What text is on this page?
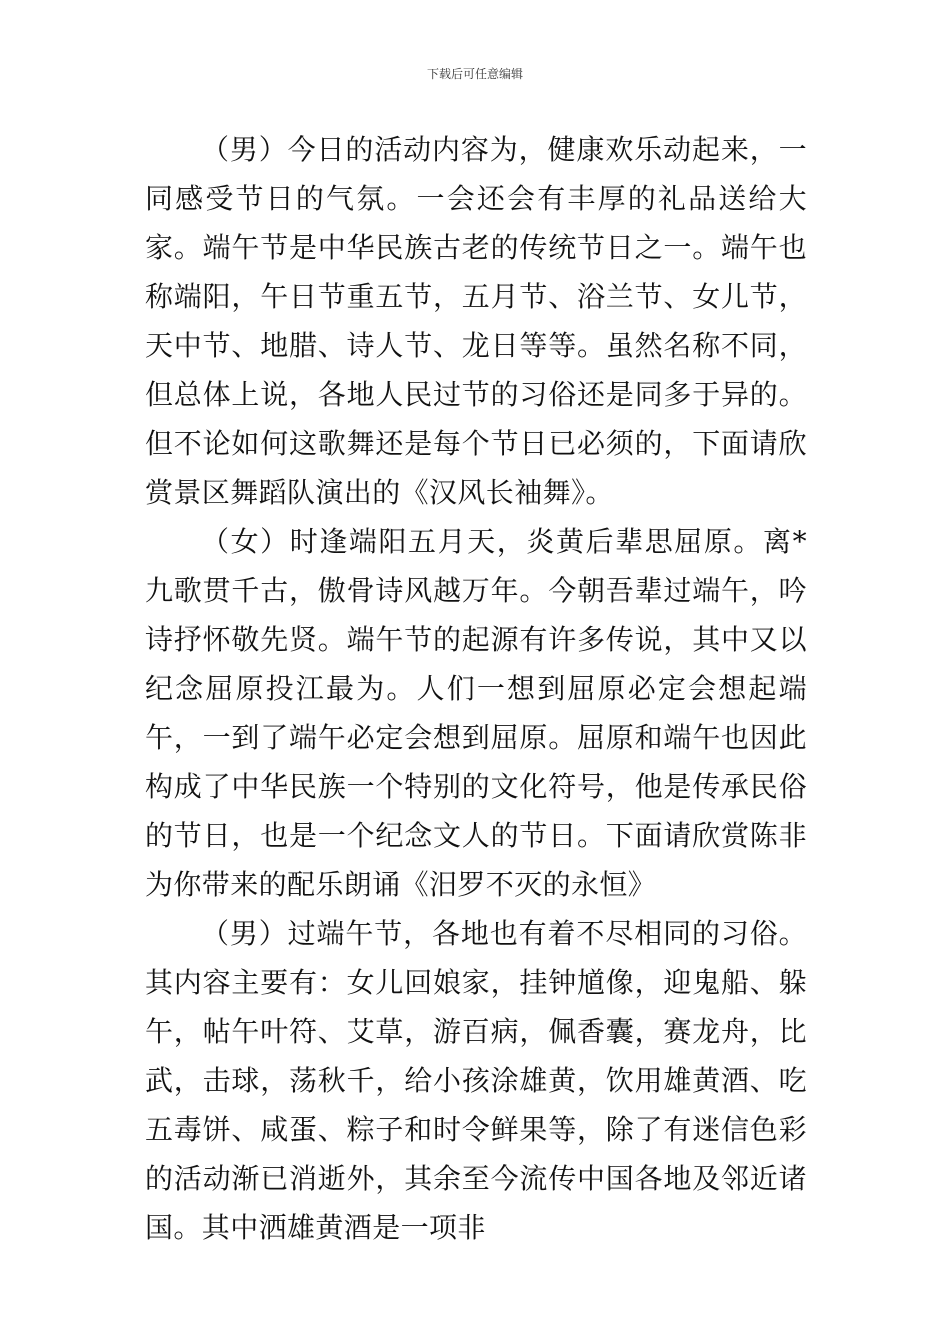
下载后可任意编辑

（男）今日的活动内容为，健康欢乐动起来，一同感受节日的气氛。一会还会有丰厚的礼品送给大家。端午节是中华民族古老的传统节日之一。端午也称端阳，午日节重五节，五月节、浴兰节、女儿节，天中节、地腊、诗人节、龙日等等。虽然名称不同，但总体上说，各地人民过节的习俗还是同多于异的。但不论如何这歌舞还是每个节日已必须的，下面请欣赏景区舞蹈队演出的《汉风长袖舞》。

（女）时逢端阳五月天，炎黄后辈思屈原。离*九歌贯千古，傲骨诗风越万年。今朝吾辈过端午，吟诗抒怀敬先贤。端午节的起源有许多传说，其中又以纪念屈原投江最为。人们一想到屈原必定会想起端午，一到了端午必定会想到屈原。屈原和端午也因此构成了中华民族一个特别的文化符号，他是传承民俗的节日，也是一个纪念文人的节日。下面请欣赏陈非为你带来的配乐朗诵《汨罗不灭的永恒》

（男）过端午节，各地也有着不尽相同的习俗。其内容主要有：女儿回娘家，挂钟馗像，迎鬼船、躲午，帖午叶符、艾草，游百病，佩香囊，赛龙舟，比武，击球，荡秋千，给小孩涂雄黄，饮用雄黄酒、吃五毒饼、咸蛋、粽子和时令鲜果等，除了有迷信色彩的活动渐已消逝外，其余至今流传中国各地及邻近诸国。其中洒雄黄酒是一项非
